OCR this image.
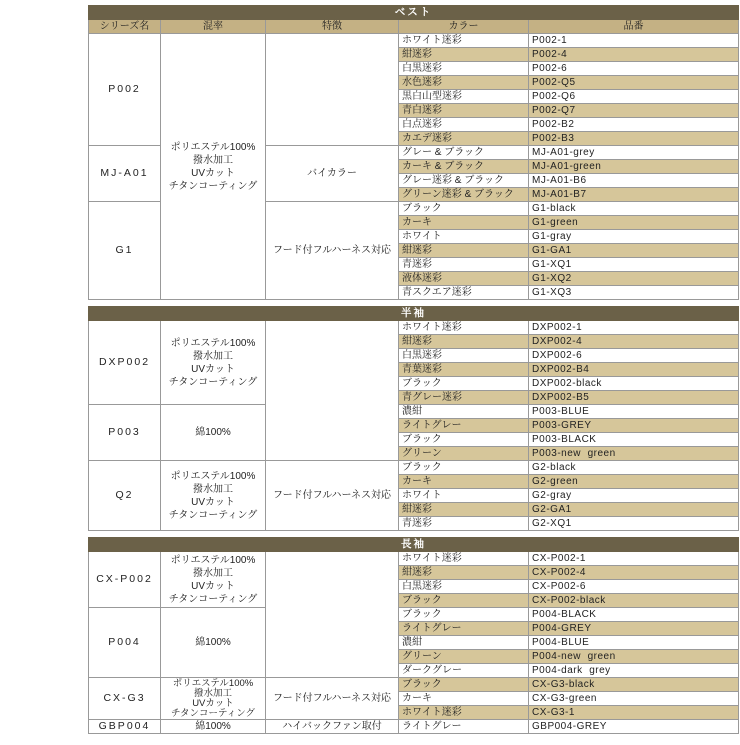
ベスト				
シリーズ名	混率	特徴	カラー	品番
P002	ポリエステル100%
撥水加工
UVカット
チタンコーティング		ホワイト迷彩	P002-1
			紺迷彩	P002-4
			白黒迷彩	P002-6
			水色迷彩	P002-Q5
			黒白山型迷彩	P002-Q6
			青白迷彩	P002-Q7
			白点迷彩	P002-B2
			カエデ迷彩	P002-B3
MJ-A01		バイカラー	グレー & ブラック	MJ-A01-grey
			カーキ & ブラック	MJ-A01-green
			グレー迷彩 & ブラック	MJ-A01-B6
			グリーン迷彩 & ブラック	MJ-A01-B7
G1		フード付フルハーネス対応	ブラック	G1-black
			カーキ	G1-green
			ホワイト	G1-gray
			紺迷彩	G1-GA1
			青迷彩	G1-XQ1
			液体迷彩	G1-XQ2
			青スクエア迷彩	G1-XQ3
半袖				
DXP002	ポリエステル100%
撥水加工
UVカット
チタンコーティング		ホワイト迷彩	DXP002-1
			紺迷彩	DXP002-4
			白黒迷彩	DXP002-6
			青葉迷彩	DXP002-B4
			ブラック	DXP002-black
			青グレー迷彩	DXP002-B5
P003	綿100%		濃紺	P003-BLUE
			ライトグレー	P003-GREY
			ブラック	P003-BLACK
			グリーン	P003-new  green
Q2	ポリエステル100%
撥水加工
UVカット
チタンコーティング	フード付フルハーネス対応	ブラック	G2-black
			カーキ	G2-green
			ホワイト	G2-gray
			紺迷彩	G2-GA1
			青迷彩	G2-XQ1
長袖				
CX-P002	ポリエステル100%
撥水加工
UVカット
チタンコーティング		ホワイト迷彩	CX-P002-1
			紺迷彩	CX-P002-4
			白黒迷彩	CX-P002-6
			ブラック	CX-P002-black
P004	綿100%		ブラック	P004-BLACK
			ライトグレー	P004-GREY
			濃紺	P004-BLUE
			グリーン	P004-new  green
			ダークグレー	P004-dark  grey
CX-G3	ポリエステル100%
撥水加工
UVカット
チタンコーティング	フード付フルハーネス対応	ブラック	CX-G3-black
			カーキ	CX-G3-green
			ホワイト迷彩	CX-G3-1
GBP004	綿100%	ハイバックファン取付	ライトグレー	GBP004-GREY
